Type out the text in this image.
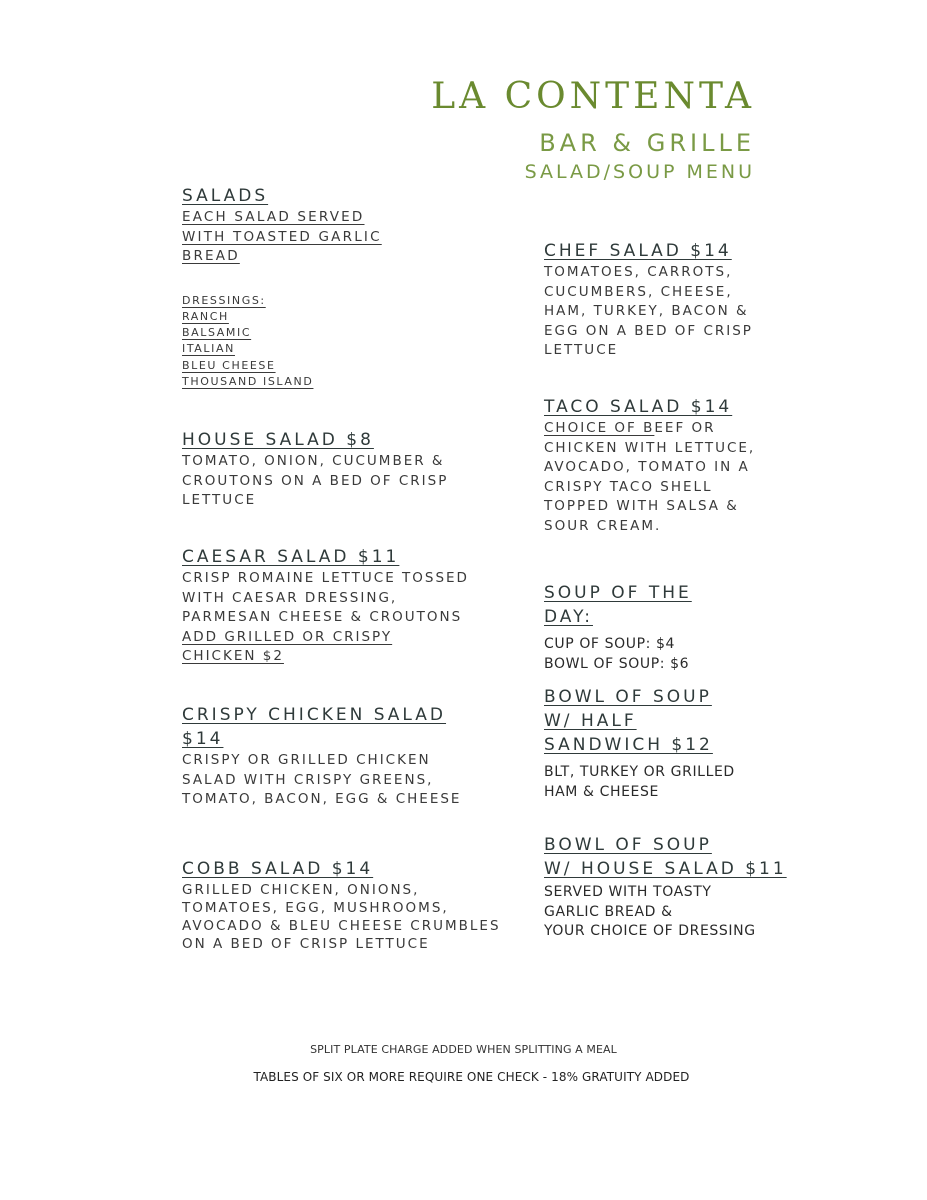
LA CONTENTA
BAR & GRILLE
SALAD/SOUP MENU
SALADS
EACH SALAD SERVED
WITH TOASTED GARLIC
BREAD
DRESSINGS:
RANCH
BALSAMIC
ITALIAN
BLEU CHEESE
THOUSAND ISLAND
HOUSE SALAD $8
TOMATO, ONION, CUCUMBER &
CROUTONS ON A BED OF CRISP
LETTUCE
CAESAR SALAD $11
CRISP ROMAINE LETTUCE TOSSED
WITH CAESAR DRESSING,
PARMESAN CHEESE & CROUTONS
ADD GRILLED OR CRISPY
CHICKEN $2
CRISPY CHICKEN SALAD
$14
CRISPY OR GRILLED CHICKEN
SALAD WITH CRISPY GREENS,
TOMATO, BACON, EGG & CHEESE
COBB SALAD $14
GRILLED CHICKEN, ONIONS,
TOMATOES, EGG, MUSHROOMS,
AVOCADO & BLEU CHEESE CRUMBLES
ON A BED OF CRISP LETTUCE
CHEF SALAD $14
TOMATOES, CARROTS,
CUCUMBERS, CHEESE,
HAM, TURKEY, BACON &
EGG ON A BED OF CRISP
LETTUCE
TACO SALAD $14
CHOICE OF BEEF OR
CHICKEN WITH LETTUCE,
AVOCADO, TOMATO IN A
CRISPY TACO SHELL
TOPPED WITH SALSA &
SOUR CREAM.
SOUP OF THE
DAY:
CUP OF SOUP: $4
BOWL OF SOUP: $6
BOWL OF SOUP
W/ HALF
SANDWICH $12
BLT, TURKEY OR GRILLED
HAM & CHEESE
BOWL OF SOUP
W/ HOUSE SALAD $11
SERVED WITH TOASTY
GARLIC BREAD &
YOUR CHOICE OF DRESSING
SPLIT PLATE CHARGE ADDED WHEN SPLITTING A MEAL
TABLES OF SIX OR MORE REQUIRE ONE CHECK - 18% GRATUITY ADDED
